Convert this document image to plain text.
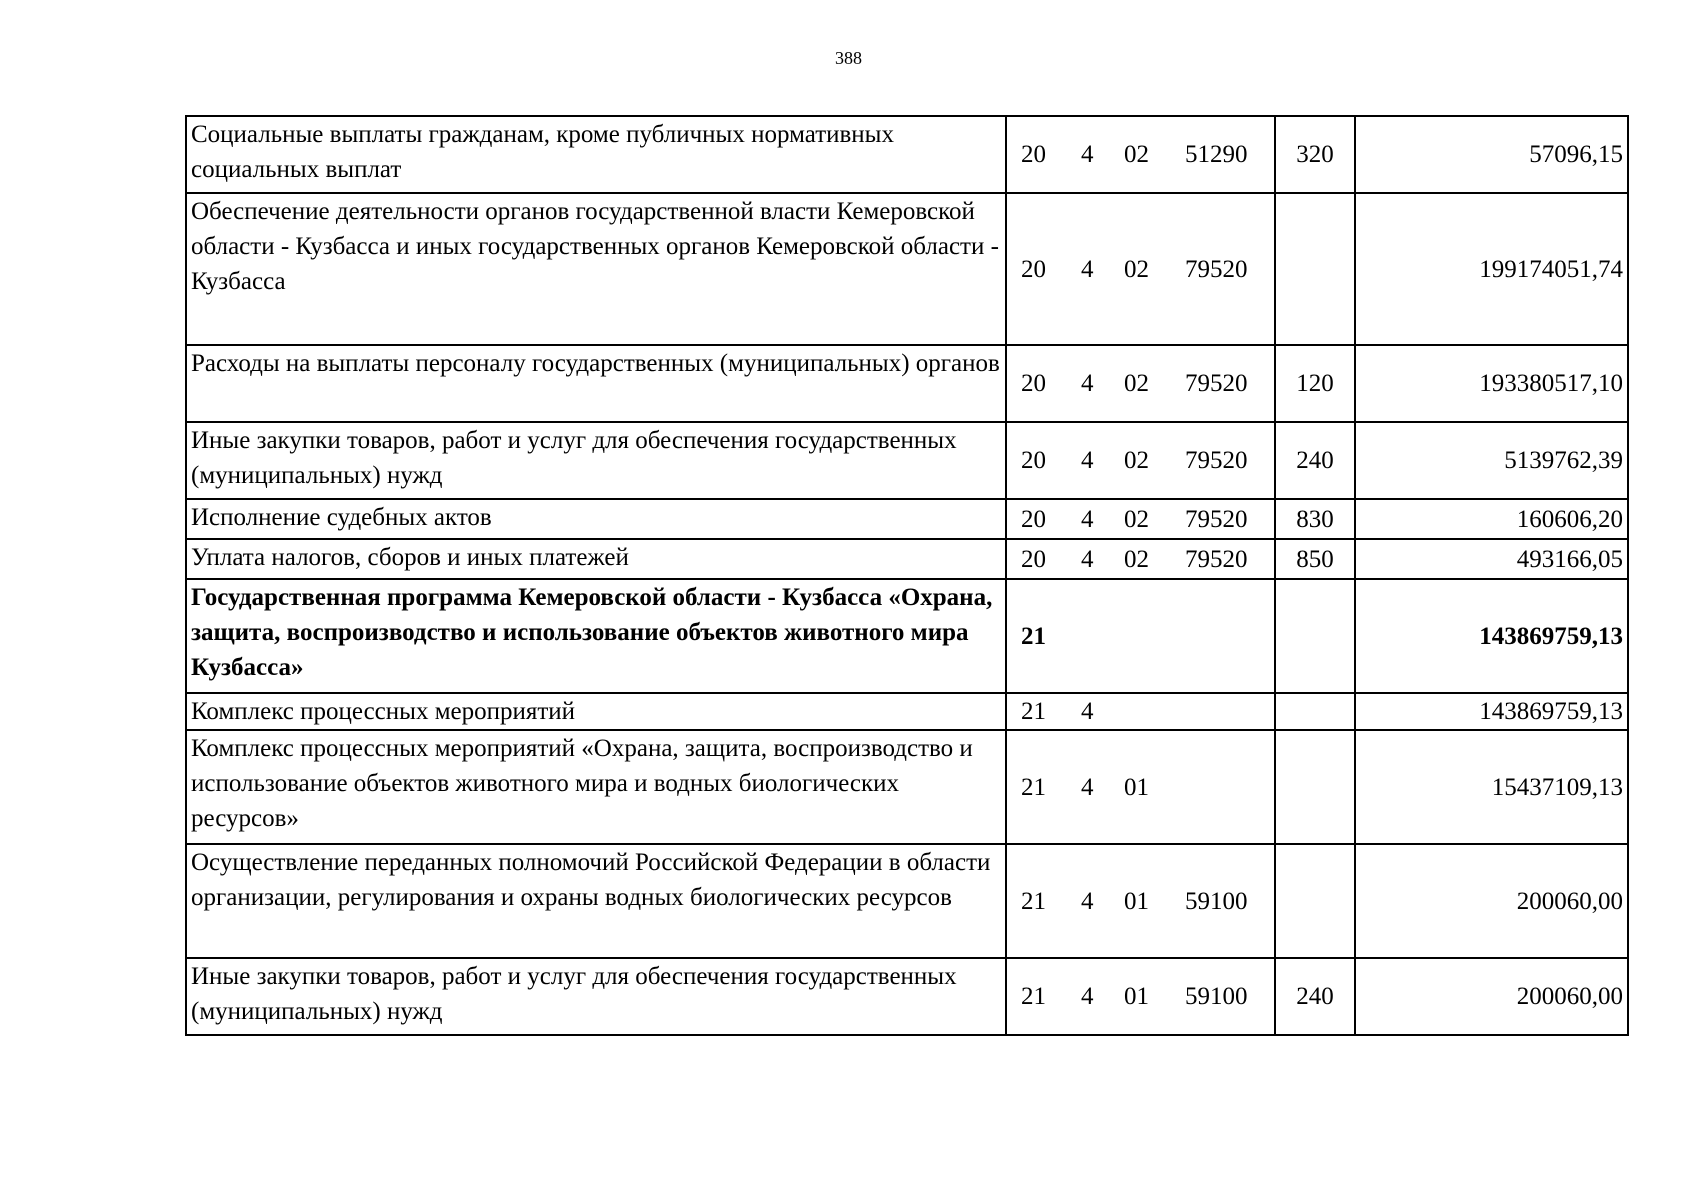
388
Социальные выплаты гражданам, кроме публичных нормативных социальных выплат	20 4 02 51290	320	57096,15
Обеспечение деятельности органов государственной власти Кемеровской области - Кузбасса и иных государственных органов Кемеровской области - Кузбасса	20 4 02 79520		199174051,74
Расходы на выплаты персоналу государственных (муниципальных) органов	20 4 02 79520	120	193380517,10
Иные закупки товаров, работ и услуг для обеспечения государственных (муниципальных) нужд	20 4 02 79520	240	5139762,39
Исполнение судебных актов	20 4 02 79520	830	160606,20
Уплата налогов, сборов и иных платежей	20 4 02 79520	850	493166,05
Государственная программа Кемеровской области - Кузбасса «Охрана, защита, воспроизводство и использование объектов животного мира Кузбасса»	21		143869759,13
Комплекс процессных мероприятий	21 4		143869759,13
Комплекс процессных мероприятий «Охрана, защита, воспроизводство и использование объектов животного мира и водных биологических ресурсов»	21 4 01		15437109,13
Осуществление переданных полномочий Российской Федерации в области организации, регулирования и охраны водных биологических ресурсов	21 4 01 59100		200060,00
Иные закупки товаров, работ и услуг для обеспечения государственных (муниципальных) нужд	21 4 01 59100	240	200060,00
